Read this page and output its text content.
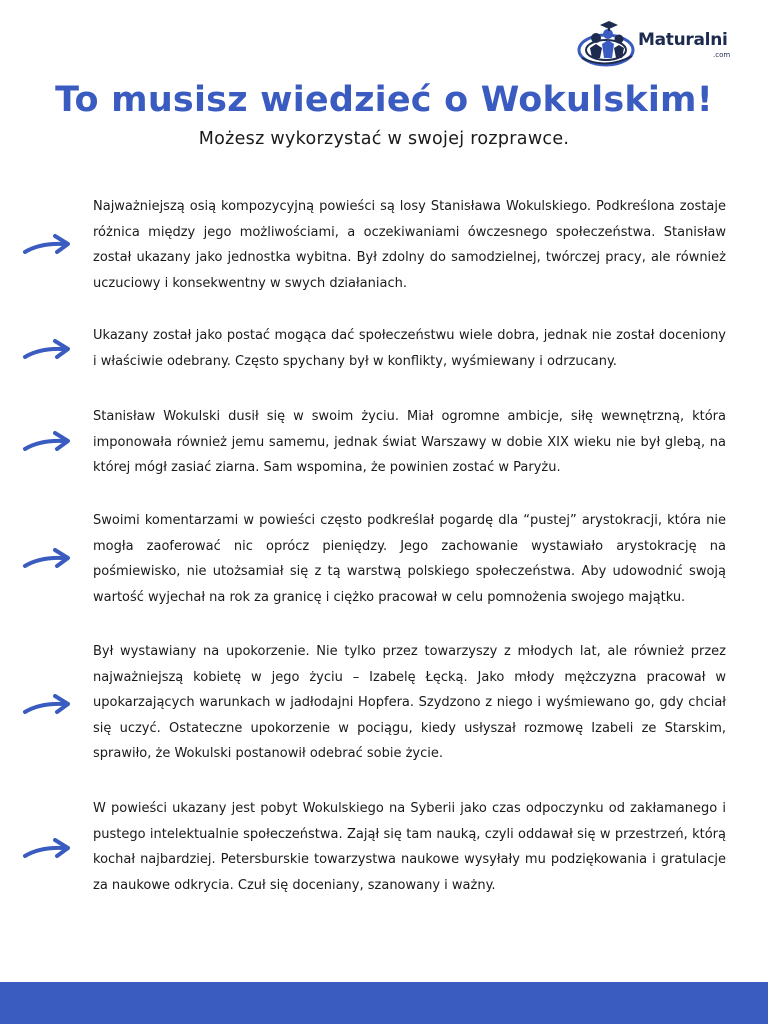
Maturalni
.com
To musisz wiedzieć o Wokulskim!

Możesz wykorzystać w swojej rozprawce.

Najważniejszą osią kompozycyjną powieści są losy Stanisława Wokulskiego. Podkreślona zostaje różnica między jego możliwościami, a oczekiwaniami ówczesnego społeczeństwa. Stanisław został ukazany jako jednostka wybitna. Był zdolny do samodzielnej, twórczej pracy, ale również uczuciowy i konsekwentny w swych działaniach.

Ukazany został jako postać mogąca dać społeczeństwu wiele dobra, jednak nie został doceniony i właściwie odebrany. Często spychany był w konflikty, wyśmiewany i odrzucany.

Stanisław Wokulski dusił się w swoim życiu. Miał ogromne ambicje, siłę wewnętrzną, która imponowała również jemu samemu, jednak świat Warszawy w dobie XIX wieku nie był glebą, na której mógł zasiać ziarna. Sam wspomina, że powinien zostać w Paryżu.

Swoimi komentarzami w powieści często podkreślał pogardę dla “pustej” arystokracji, która nie mogła zaoferować nic oprócz pieniędzy. Jego zachowanie wystawiało arystokrację na pośmiewisko, nie utożsamiał się z tą warstwą polskiego społeczeństwa. Aby udowodnić swoją wartość wyjechał na rok za granicę i ciężko pracował w celu pomnożenia swojego majątku.

Był wystawiany na upokorzenie. Nie tylko przez towarzyszy z młodych lat, ale również przez najważniejszą kobietę w jego życiu – Izabelę Łęcką. Jako młody mężczyzna pracował w upokarzających warunkach w jadłodajni Hopfera. Szydzono z niego i wyśmiewano go, gdy chciał się uczyć. Ostateczne upokorzenie w pociągu, kiedy usłyszał rozmowę Izabeli ze Starskim, sprawiło, że Wokulski postanowił odebrać sobie życie.

W powieści ukazany jest pobyt Wokulskiego na Syberii jako czas odpoczynku od zakłamanego i pustego intelektualnie społeczeństwa. Zajął się tam nauką, czyli oddawał się w przestrzeń, którą kochał najbardziej. Petersburskie towarzystwa naukowe wysyłały mu podziękowania i gratulacje za naukowe odkrycia. Czuł się doceniany, szanowany i ważny.
